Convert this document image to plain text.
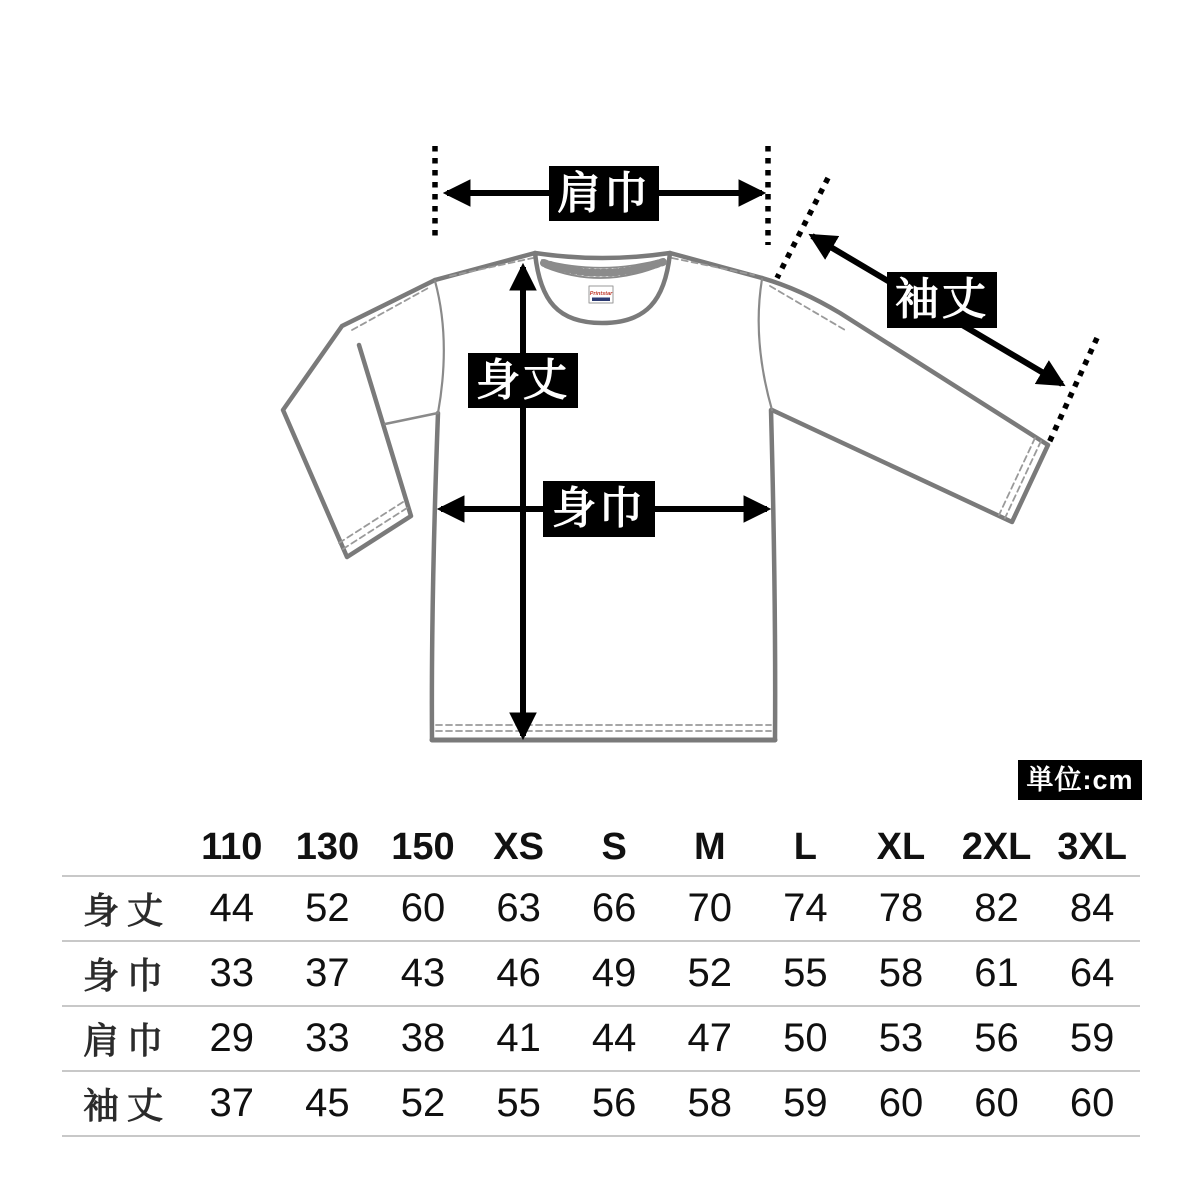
Printstar
肩巾
身丈
身巾
袖丈
単位:cm
	110	130	150	XS	S	M	L	XL	2XL	3XL
身丈	44	52	60	63	66	70	74	78	82	84
身巾	33	37	43	46	49	52	55	58	61	64
肩巾	29	33	38	41	44	47	50	53	56	59
袖丈	37	45	52	55	56	58	59	60	60	60
